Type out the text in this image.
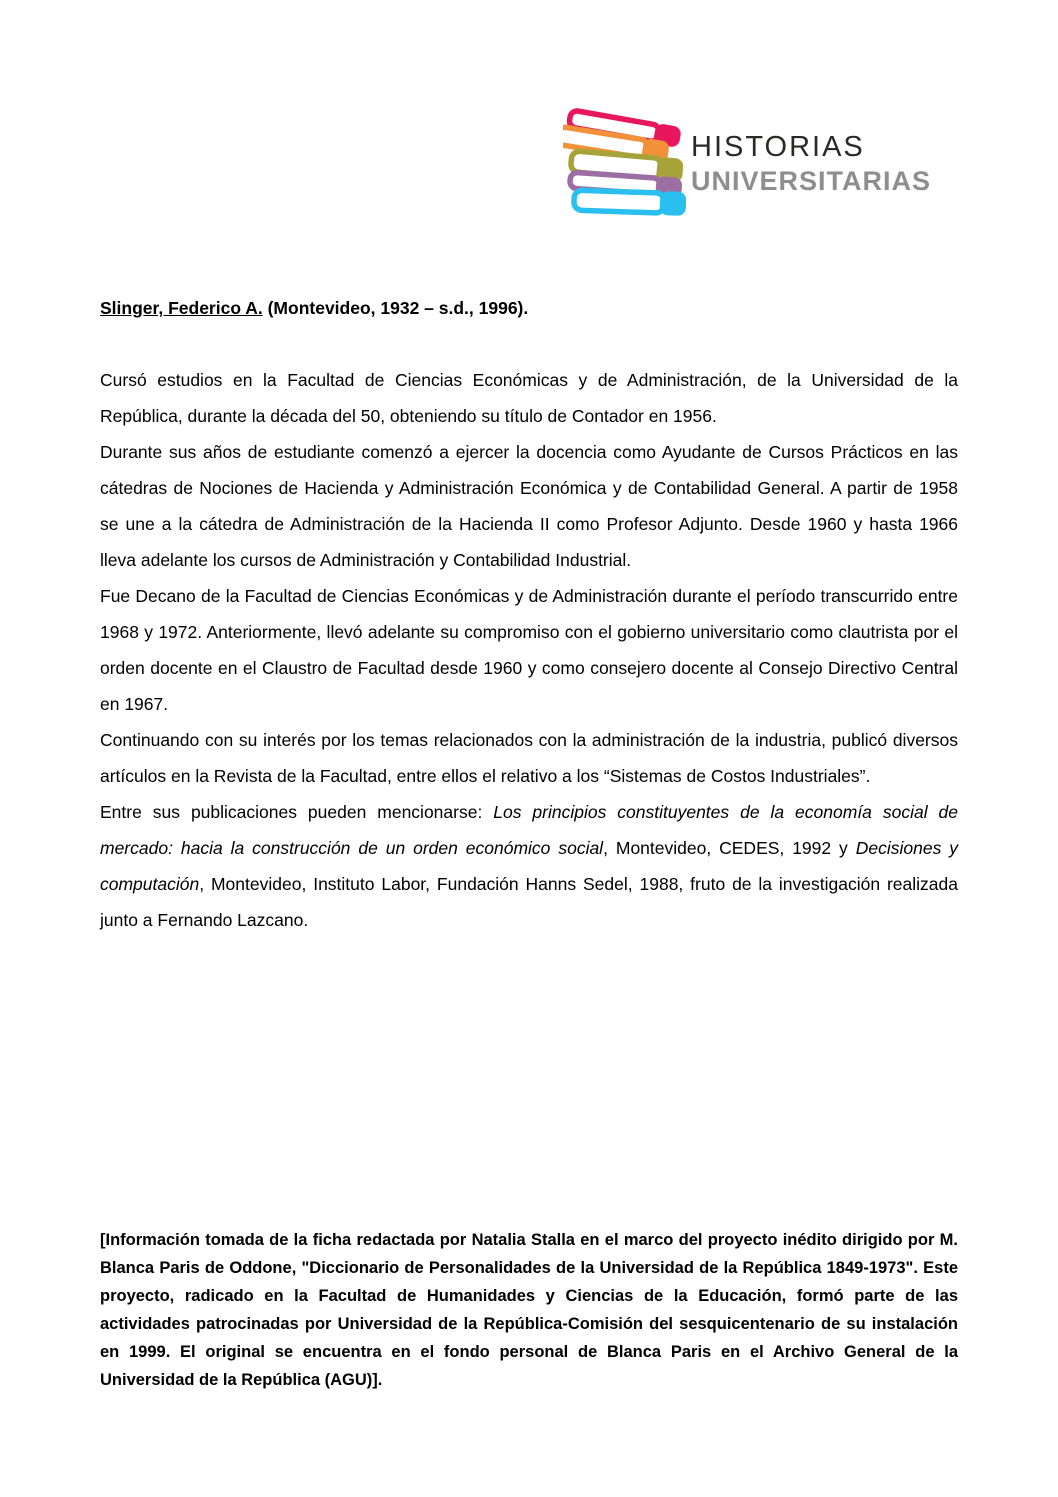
HISTORIAS
UNIVERSITARIAS
Slinger, Federico A. (Montevideo, 1932 – s.d., 1996).

Cursó estudios en la Facultad de Ciencias Económicas y de Administración, de la Universidad de la República, durante la década del 50, obteniendo su título de Contador en 1956.

Durante sus años de estudiante comenzó a ejercer la docencia como Ayudante de Cursos Prácticos en las cátedras de Nociones de Hacienda y Administración Económica y de Contabilidad General. A partir de 1958 se une a la cátedra de Administración de la Hacienda II como Profesor Adjunto. Desde 1960 y hasta 1966 lleva adelante los cursos de Administración y Contabilidad Industrial.

Fue Decano de la Facultad de Ciencias Económicas y de Administración durante el período transcurrido entre 1968 y 1972. Anteriormente, llevó adelante su compromiso con el gobierno universitario como clautrista por el orden docente en el Claustro de Facultad desde 1960 y como consejero docente al Consejo Directivo Central en 1967.

Continuando con su interés por los temas relacionados con la administración de la industria, publicó diversos artículos en la Revista de la Facultad, entre ellos el relativo a los “Sistemas de Costos Industriales”.

Entre sus publicaciones pueden mencionarse: Los principios constituyentes de la economía social de mercado: hacia la construcción de un orden económico social, Montevideo, CEDES, 1992 y Decisiones y computación, Montevideo, Instituto Labor, Fundación Hanns Sedel, 1988, fruto de la investigación realizada junto a Fernando Lazcano.

[Información tomada de la ficha redactada por Natalia Stalla en el marco del proyecto inédito dirigido por M. Blanca Paris de Oddone, "Diccionario de Personalidades de la Universidad de la República 1849-1973". Este proyecto, radicado en la Facultad de Humanidades y Ciencias de la Educación, formó parte de las actividades patrocinadas por Universidad de la República-Comisión del sesquicentenario de su instalación en 1999. El original se encuentra en el fondo personal de Blanca Paris en el Archivo General de la Universidad de la República (AGU)].
